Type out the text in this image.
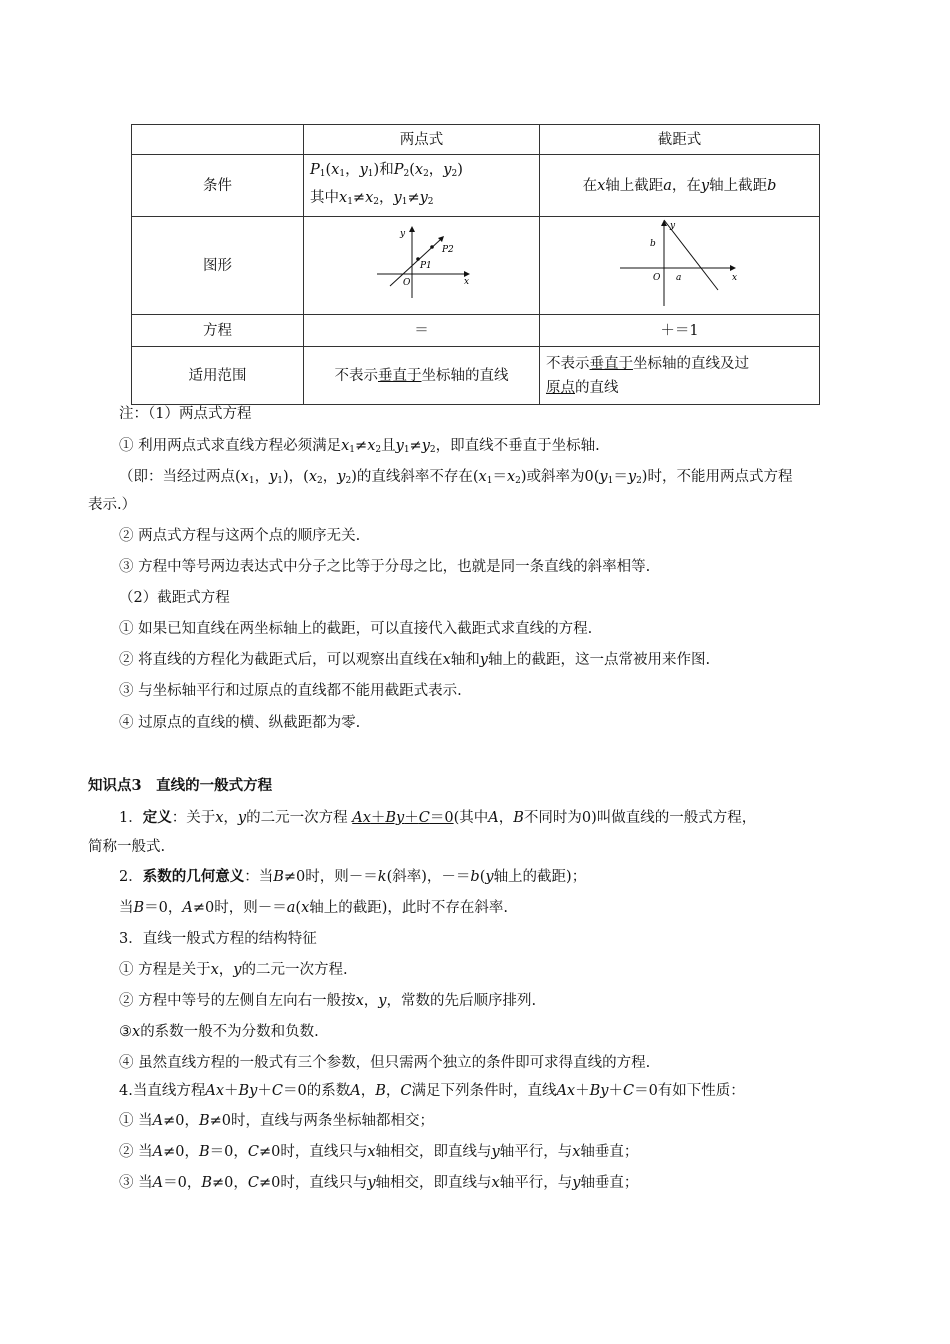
	两点式	截距式
条件	$P_1(x_1$，$y_1$)和$P_2(x_2$，$y_2$)
其中$x_1\ne x_2$，$y_1\ne y_2$	在x轴上截距a，在y轴上截距b
图形	y
x
O
P1
P2	y
x
O a
b

方程	＝	＋＝1
适用范围	不表示垂直于坐标轴的直线	不表示垂直于坐标轴的直线及过
原点的直线
注：（1）两点式方程
① 利用两点式求直线方程必须满足$x_1\ne x_2$且$y_1\ne y_2$，即直线不垂直于坐标轴.
（即：当经过两点($x_1$，$y_1$)，($x_2$，$y_2$)的直线斜率不存在$(x_1=x_2)$或斜率为$0(y_1=y_2)$时，不能用两点式方程
表示.）
② 两点式方程与这两个点的顺序无关.
③ 方程中等号两边表达式中分子之比等于分母之比，也就是同一条直线的斜率相等.
（2）截距式方程
① 如果已知直线在两坐标轴上的截距，可以直接代入截距式求直线的方程.
② 将直线的方程化为截距式后，可以观察出直线在x轴和y轴上的截距，这一点常被用来作图.
③ 与坐标轴平行和过原点的直线都不能用截距式表示.
④ 过原点的直线的横、纵截距都为零.
知识点3　直线的一般式方程
1．定义：关于x，y的二元一次方程 Ax＋By＋C＝0(其中A，B不同时为0)叫做直线的一般式方程，
简称一般式.
2．系数的几何意义：当B≠0时，则－＝k(斜率)，－＝b(y轴上的截距)；
当B＝0，A≠0时，则－＝a(x轴上的截距)，此时不存在斜率.
3．直线一般式方程的结构特征
① 方程是关于x，y的二元一次方程.
② 方程中等号的左侧自左向右一般按x，y，常数的先后顺序排列.
③x的系数一般不为分数和负数.
④ 虽然直线方程的一般式有三个参数，但只需两个独立的条件即可求得直线的方程.
4.当直线方程Ax＋By＋C＝0的系数A，B，C满足下列条件时，直线Ax＋By＋C＝0有如下性质：
① 当A≠0，B≠0时，直线与两条坐标轴都相交；
② 当A≠0，B＝0，C≠0时，直线只与x轴相交，即直线与y轴平行，与x轴垂直；
③ 当A＝0，B≠0，C≠0时，直线只与y轴相交，即直线与x轴平行，与y轴垂直；
